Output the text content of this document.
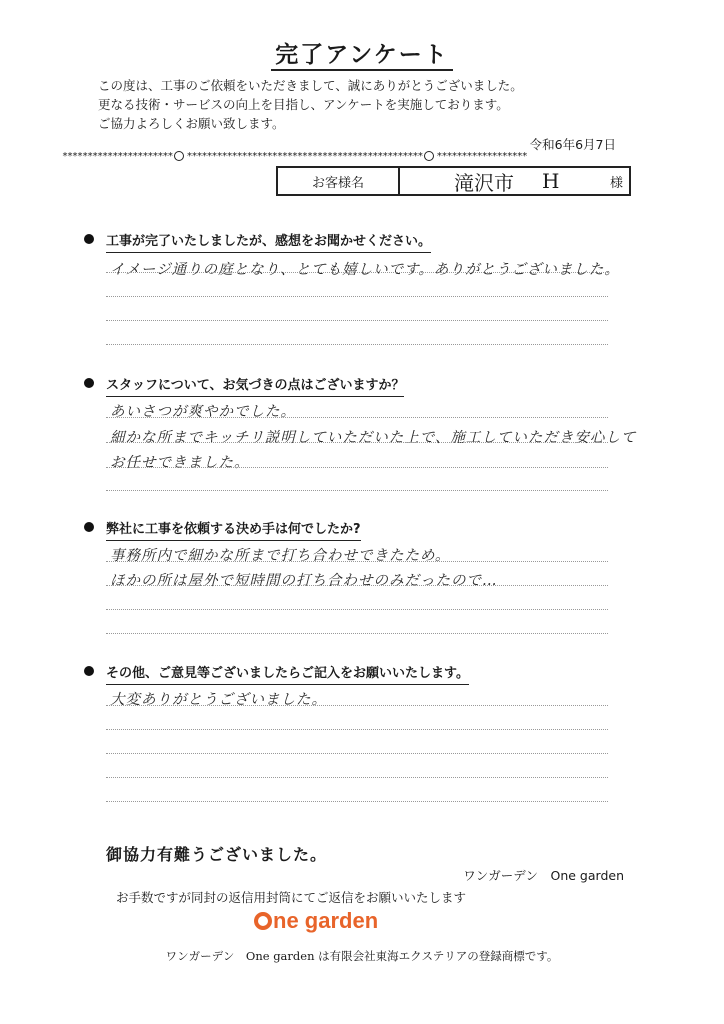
完了アンケート
この度は、工事のご依頼をいただきまして、誠にありがとうございました。
更なる技術・サービスの向上を目指し、アンケートを実施しております。
ご協力よろしくお願い致します。
令和6年6月7日
********************** ○ *********************************************** ○ ******************
お客様名	滝沢市 H	様
工事が完了いたしましたが、感想をお聞かせください。
イメージ通りの庭となり、とても嬉しいです。ありがとうございました。
スタッフについて、お気づきの点はございますか？
あいさつが爽やかでした。
細かな所までキッチリ説明していただいた上で、施工していただき安心して
お任せできました。
弊社に工事を依頼する決め手は何でしたか?
事務所内で細かな所まで打ち合わせできたため。
ほかの所は屋外で短時間の打ち合わせのみだったので…
その他、ご意見等ございましたらご記入をお願いいたします。
大変ありがとうございました。
御協力有難うございました。
ワンガーデン　One garden
お手数ですが同封の返信用封筒にてご返信をお願いいたします
ne garden
ワンガーデン　One garden は有限会社東海エクステリアの登録商標です。
